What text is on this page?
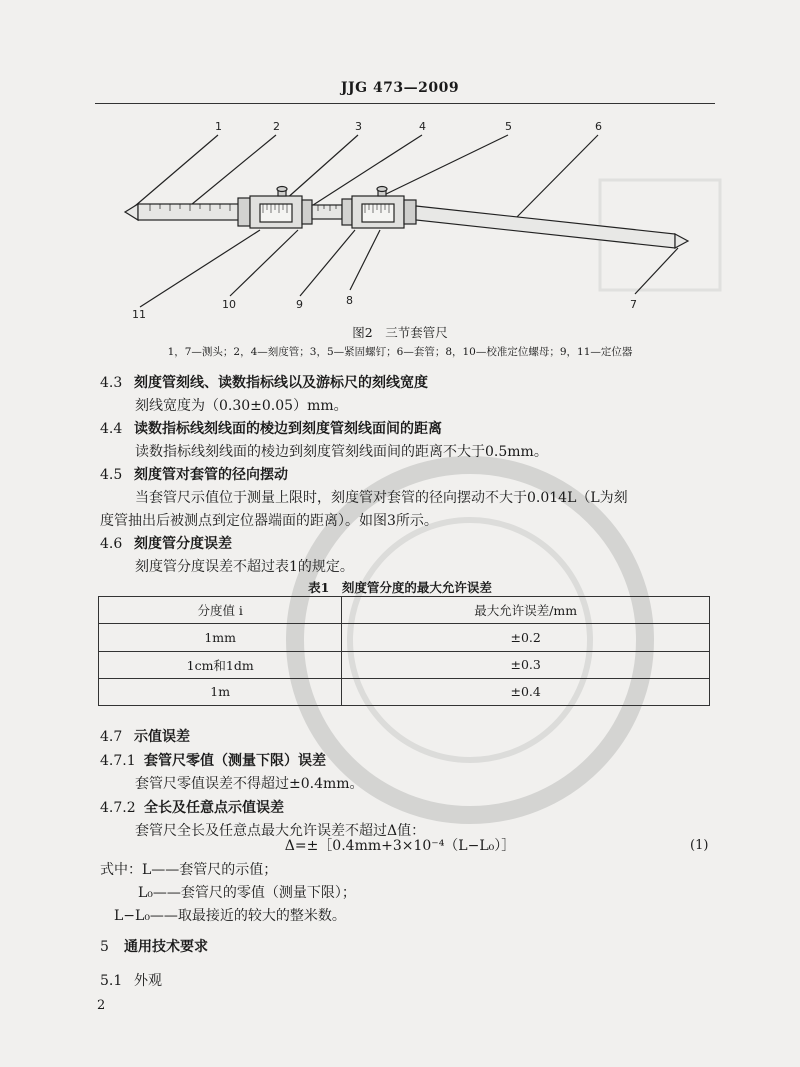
JJG 473—2009
1	2	3	4	5	6
7
8
9
10
11
图2　三节套管尺
1，7—测头；2，4—刻度管；3，5—紧固螺钉；6—套管；8，10—校准定位螺母；9，11—定位器
4.3 刻度管刻线、读数指标线以及游标尺的刻线宽度
刻线宽度为（0.30±0.05）mm。
4.4 读数指标线刻线面的棱边到刻度管刻线面间的距离
读数指标线刻线面的棱边到刻度管刻线面间的距离不大于0.5mm。
4.5 刻度管对套管的径向摆动
当套管尺示值位于测量上限时，刻度管对套管的径向摆动不大于0.014L（L为刻
度管抽出后被测点到定位器端面的距离）。如图3所示。
4.6 刻度管分度误差
刻度管分度误差不超过表1的规定。
表1　刻度管分度的最大允许误差
分度值 i	最大允许误差/mm
1mm	±0.2
1cm和1dm	±0.3
1m	±0.4
4.7 示值误差
4.7.1 套管尺零值（测量下限）误差
套管尺零值误差不得超过±0.4mm。
4.7.2 全长及任意点示值误差
套管尺全长及任意点最大允许误差不超过Δ值：
Δ=±［0.4mm+3×10⁻⁴（L−L₀）］	(1)
式中：L——套管尺的示值；
L₀——套管尺的零值（测量下限）；
L−L₀——取最接近的较大的整米数。
5 通用技术要求
5.1 外观
2
